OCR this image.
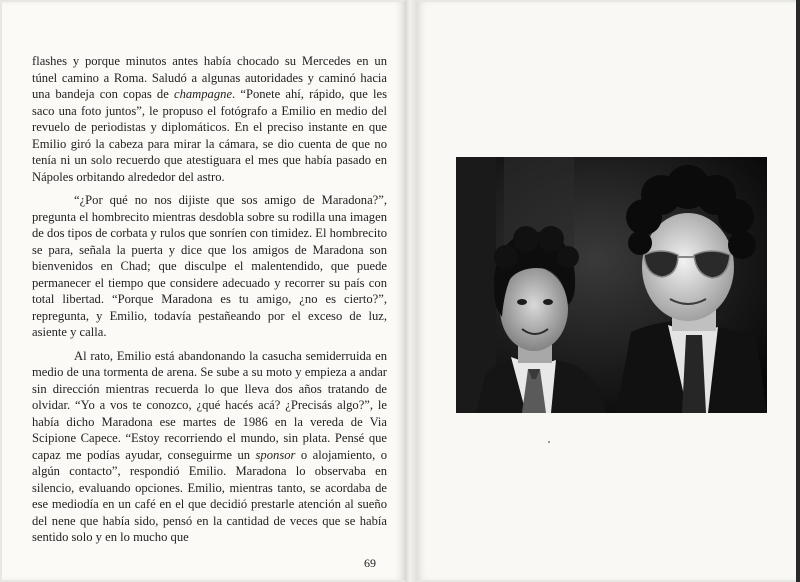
flashes y porque minutos antes había chocado su Mercedes en un túnel camino a Roma. Saludó a algunas autoridades y caminó hacia una bandeja con copas de champagne. “Ponete ahí, rápido, que les saco una foto juntos”, le propuso el fotógrafo a Emilio en medio del revuelo de periodistas y diplomáticos. En el preciso instante en que Emilio giró la cabeza para mirar la cámara, se dio cuenta de que no tenía ni un solo recuerdo que atestiguara el mes que había pasado en Nápoles orbitando alrededor del astro.

“¿Por qué no nos dijiste que sos amigo de Maradona?”, pregunta el hombrecito mientras desdobla sobre su rodilla una imagen de dos tipos de corbata y rulos que sonríen con timidez. El hombrecito se para, señala la puerta y dice que los amigos de Maradona son bienvenidos en Chad; que disculpe el malentendido, que puede permanecer el tiempo que considere adecuado y recorrer su país con total libertad. “Porque Maradona es tu amigo, ¿no es cierto?”, repregunta, y Emilio, todavía pestañeando por el exceso de luz, asiente y calla.

Al rato, Emilio está abandonando la casucha semiderruida en medio de una tormenta de arena. Se sube a su moto y empieza a andar sin dirección mientras recuerda lo que lleva dos años tratando de olvidar. “Yo a vos te conozco, ¿qué hacés acá? ¿Precisás algo?”, le había dicho Maradona ese martes de 1986 en la vereda de Via Scipione Capece. “Estoy recorriendo el mundo, sin plata. Pensé que capaz me podías ayudar, conseguirme un sponsor o alojamiento, o algún contacto”, respondió Emilio. Maradona lo observaba en silencio, evaluando opciones. Emilio, mientras tanto, se acordaba de ese mediodía en un café en el que decidió prestarle atención al sueño del nene que había sido, pensó en la cantidad de veces que se había sentido solo y en lo mucho que

69
